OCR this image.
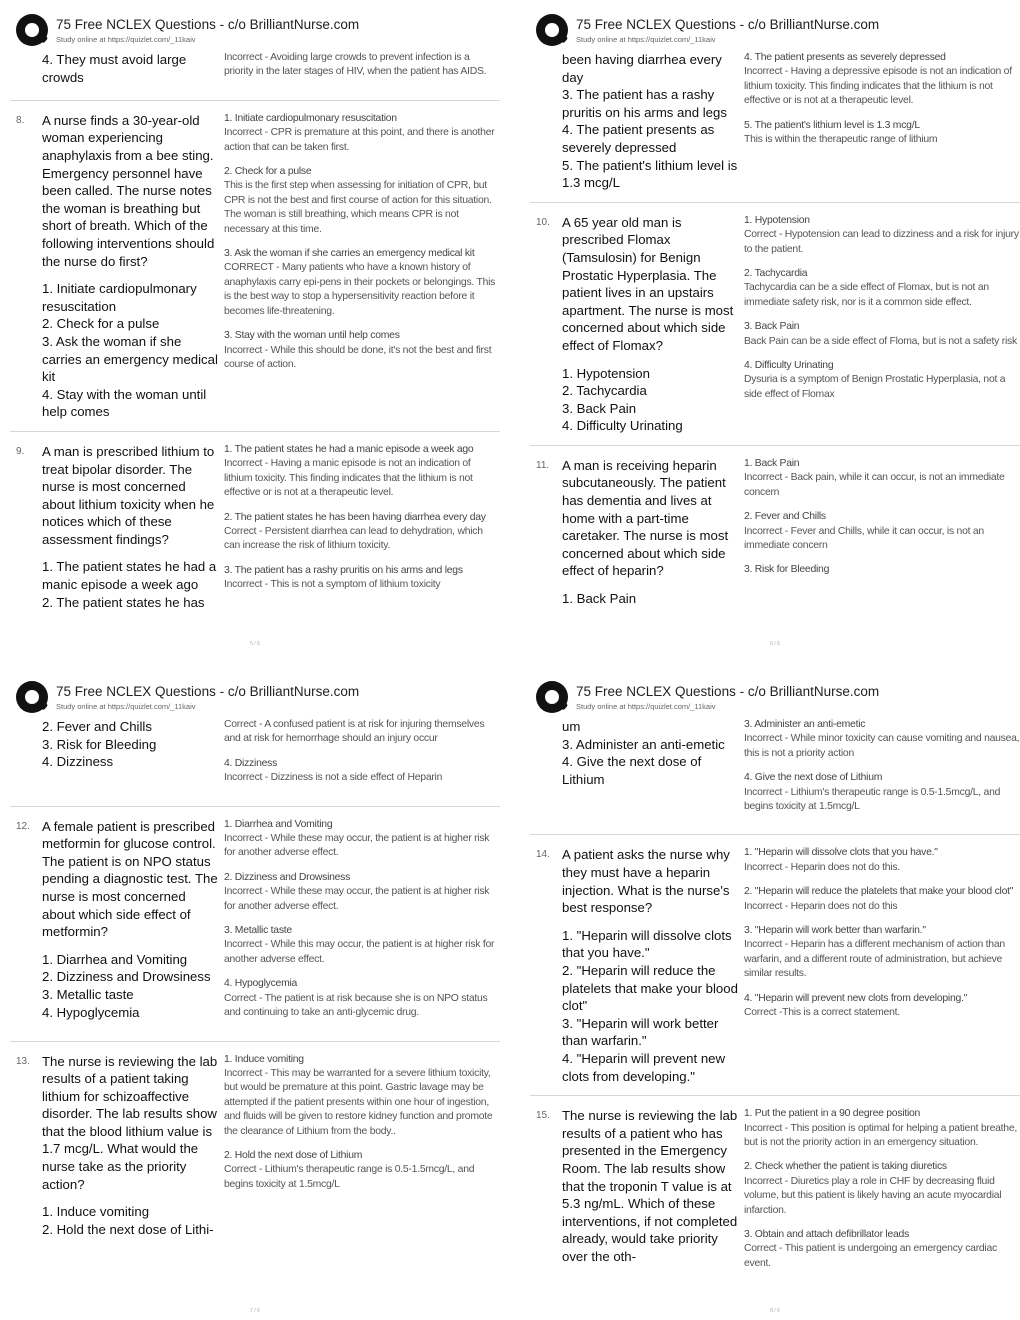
75 Free NCLEX Questions - c/o BrilliantNurse.com
Study online at https://quizlet.com/_11kaiv
4. They must avoid large crowds
Incorrect - Avoiding large crowds to prevent infection is a priority in the later stages of HIV, when the patient has AIDS.
8.	A nurse finds a 30-year-old woman experiencing anaphylaxis from a bee sting. Emergency personnel have been called. The nurse notes the woman is breathing but short of breath. Which of the following interventions should the nurse do first?
1. Initiate cardiopulmonary resuscitation
2. Check for a pulse
3. Ask the woman if she carries an emergency medical kit
4. Stay with the woman until help comes
1. Initiate cardiopulmonary resuscitation
Incorrect - CPR is premature at this point, and there is another action that can be taken first.
2. Check for a pulse
This is the first step when assessing for initiation of CPR, but CPR is not the best and first course of action for this situation. The woman is still breathing, which means CPR is not necessary at this time.
3. Ask the woman if she carries an emergency medical kit
CORRECT - Many patients who have a known history of anaphylaxis carry epi-pens in their pockets or belongings. This is the best way to stop a hypersensitivity reaction before it becomes life-threatening.
3. Stay with the woman until help comes
Incorrect - While this should be done, it's not the best and first course of action.
9.	A man is prescribed lithium to treat bipolar disorder. The nurse is most concerned about lithium toxicity when he notices which of these assessment findings?
1. The patient states he had a manic episode a week ago
2. The patient states he has
1. The patient states he had a manic episode a week ago
Incorrect - Having a manic episode is not an indication of lithium toxicity. This finding indicates that the lithium is not effective or is not at a therapeutic level.
2. The patient states he has been having diarrhea every day
Correct - Persistent diarrhea can lead to dehydration, which can increase the risk of lithium toxicity.
3. The patient has a rashy pruritis on his arms and legs
Incorrect - This is not a symptom of lithium toxicity
5 / 6
75 Free NCLEX Questions - c/o BrilliantNurse.com
Study online at https://quizlet.com/_11kaiv
been having diarrhea every day
3. The patient has a rashy pruritis on his arms and legs
4. The patient presents as severely depressed
5. The patient's lithium level is 1.3 mcg/L
4. The patient presents as severely depressed
Incorrect - Having a depressive episode is not an indication of lithium toxicity. This finding indicates that the lithium is not effective or is not at a therapeutic level.
5. The patient's lithium level is 1.3 mcg/L
This is within the therapeutic range of lithium
10. A 65 year old man is prescribed Flomax (Tamsulosin) for Benign Prostatic Hyperplasia. The patient lives in an upstairs apartment. The nurse is most concerned about which side effect of Flomax?
1. Hypotension
2. Tachycardia
3. Back Pain
4. Difficulty Urinating
1. Hypotension
Correct - Hypotension can lead to dizziness and a risk for injury to the patient.
2. Tachycardia
Tachycardia can be a side effect of Flomax, but is not an immediate safety risk, nor is it a common side effect.
3. Back Pain
Back Pain can be a side effect of Floma, but is not a safety risk
4. Difficulty Urinating
Dysuria is a symptom of Benign Prostatic Hyperplasia, not a side effect of Flomax
11. A man is receiving heparin subcutaneously. The patient has dementia and lives at home with a part-time caretaker. The nurse is most concerned about which side effect of heparin?
1. Back Pain
1. Back Pain
Incorrect - Back pain, while it can occur, is not an immediate concern
2. Fever and Chills
Incorrect - Fever and Chills, while it can occur, is not an immediate concern
3. Risk for Bleeding
6 / 6
75 Free NCLEX Questions - c/o BrilliantNurse.com
Study online at https://quizlet.com/_11kaiv
2. Fever and Chills
3. Risk for Bleeding
4. Dizziness
Correct - A confused patient is at risk for injuring themselves and at risk for hemorrhage should an injury occur
4. Dizziness
Incorrect - Dizziness is not a side effect of Heparin
12. A female patient is prescribed metformin for glucose control. The patient is on NPO status pending a diagnostic test. The nurse is most concerned about which side effect of metformin?
1. Diarrhea and Vomiting
2. Dizziness and Drowsiness
3. Metallic taste
4. Hypoglycemia
1. Diarrhea and Vomiting
Incorrect - While these may occur, the patient is at higher risk for another adverse effect.
2. Dizziness and Drowsiness
Incorrect - While these may occur, the patient is at higher risk for another adverse effect.
3. Metallic taste
Incorrect - While this may occur, the patient is at higher risk for another adverse effect.
4. Hypoglycemia
Correct - The patient is at risk because she is on NPO status and continuing to take an anti-glycemic drug.
13. The nurse is reviewing the lab results of a patient taking lithium for schizoaffective disorder. The lab results show that the blood lithium value is 1.7 mcg/L. What would the nurse take as the priority action?
1. Induce vomiting
2. Hold the next dose of Lithi-
1. Induce vomiting
Incorrect - This may be warranted for a severe lithium toxicity, but would be premature at this point. Gastric lavage may be attempted if the patient presents within one hour of ingestion, and fluids will be given to restore kidney function and promote the clearance of Lithium from the body..
2. Hold the next dose of Lithium
Correct - Lithium's therapeutic range is 0.5-1.5mcg/L, and begins toxicity at 1.5mcg/L
7 / 6
75 Free NCLEX Questions - c/o BrilliantNurse.com
Study online at https://quizlet.com/_11kaiv
um
3. Administer an anti-emetic
4. Give the next dose of Lithium
3. Administer an anti-emetic
Incorrect - While minor toxicity can cause vomiting and nausea, this is not a priority action
4. Give the next dose of Lithium
Incorrect - Lithium's therapeutic range is 0.5-1.5mcg/L, and begins toxicity at 1.5mcg/L
14. A patient asks the nurse why they must have a heparin injection. What is the nurse's best response?
1. "Heparin will dissolve clots that you have."
2. "Heparin will reduce the platelets that make your blood clot"
3. "Heparin will work better than warfarin."
4. "Heparin will prevent new clots from developing."
1. "Heparin will dissolve clots that you have."
Incorrect - Heparin does not do this.
2. "Heparin will reduce the platelets that make your blood clot"
Incorrect - Heparin does not do this
3. "Heparin will work better than warfarin."
Incorrect - Heparin has a different mechanism of action than warfarin, and a different route of administration, but achieve similar results.
4. "Heparin will prevent new clots from developing."
Correct -This is a correct statement.
15. The nurse is reviewing the lab results of a patient who has presented in the Emergency Room. The lab results show that the troponin T value is at 5.3 ng/mL. Which of these interventions, if not completed already, would take priority over the oth-
1. Put the patient in a 90 degree position
Incorrect - This position is optimal for helping a patient breathe, but is not the priority action in an emergency situation.
2. Check whether the patient is taking diuretics
Incorrect - Diuretics play a role in CHF by decreasing fluid volume, but this patient is likely having an acute myocardial infarction.
3. Obtain and attach defibrillator leads
Correct - This patient is undergoing an emergency cardiac event.
8 / 6
